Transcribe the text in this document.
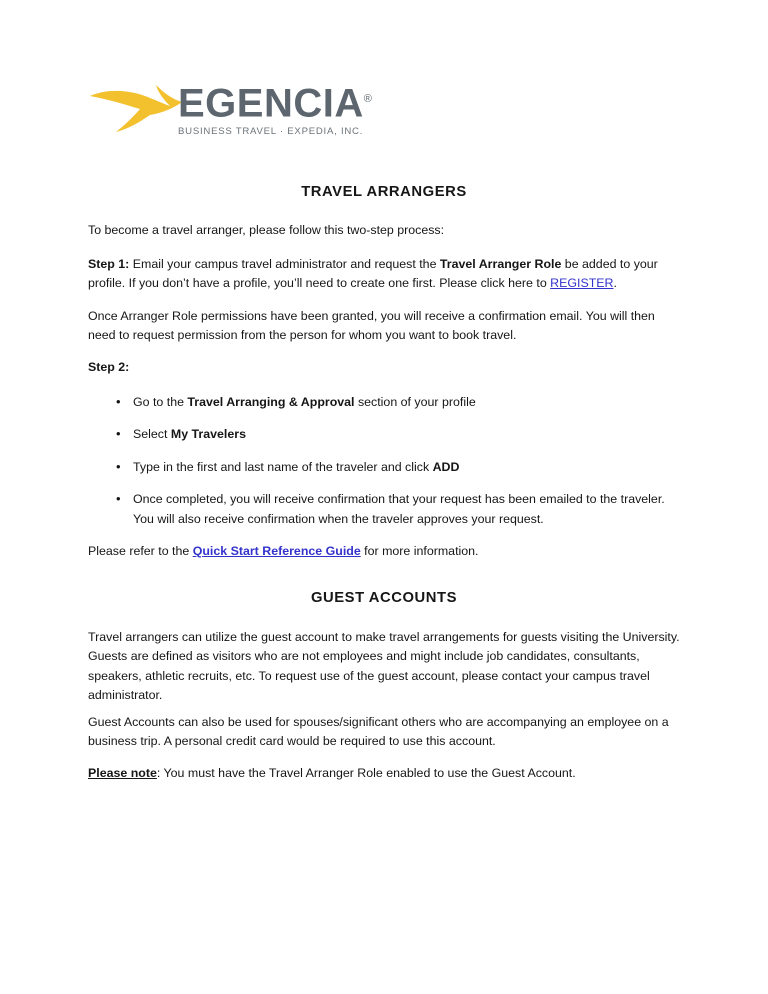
EGENCIA®
BUSINESS TRAVEL · EXPEDIA, INC.
TRAVEL ARRANGERS

To become a travel arranger, please follow this two-step process:

Step 1: Email your campus travel administrator and request the Travel Arranger Role be added to your profile. If you don’t have a profile, you’ll need to create one first. Please click here to REGISTER.

Once Arranger Role permissions have been granted, you will receive a confirmation email. You will then need to request permission from the person for whom you want to book travel.

Step 2:

• Go to the Travel Arranging & Approval section of your profile
• Select My Travelers
• Type in the first and last name of the traveler and click ADD
• Once completed, you will receive confirmation that your request has been emailed to the traveler. You will also receive confirmation when the traveler approves your request.

Please refer to the Quick Start Reference Guide for more information.

GUEST ACCOUNTS

Travel arrangers can utilize the guest account to make travel arrangements for guests visiting the University. Guests are defined as visitors who are not employees and might include job candidates, consultants, speakers, athletic recruits, etc. To request use of the guest account, please contact your campus travel administrator.

Guest Accounts can also be used for spouses/significant others who are accompanying an employee on a business trip. A personal credit card would be required to use this account.

Please note: You must have the Travel Arranger Role enabled to use the Guest Account.
